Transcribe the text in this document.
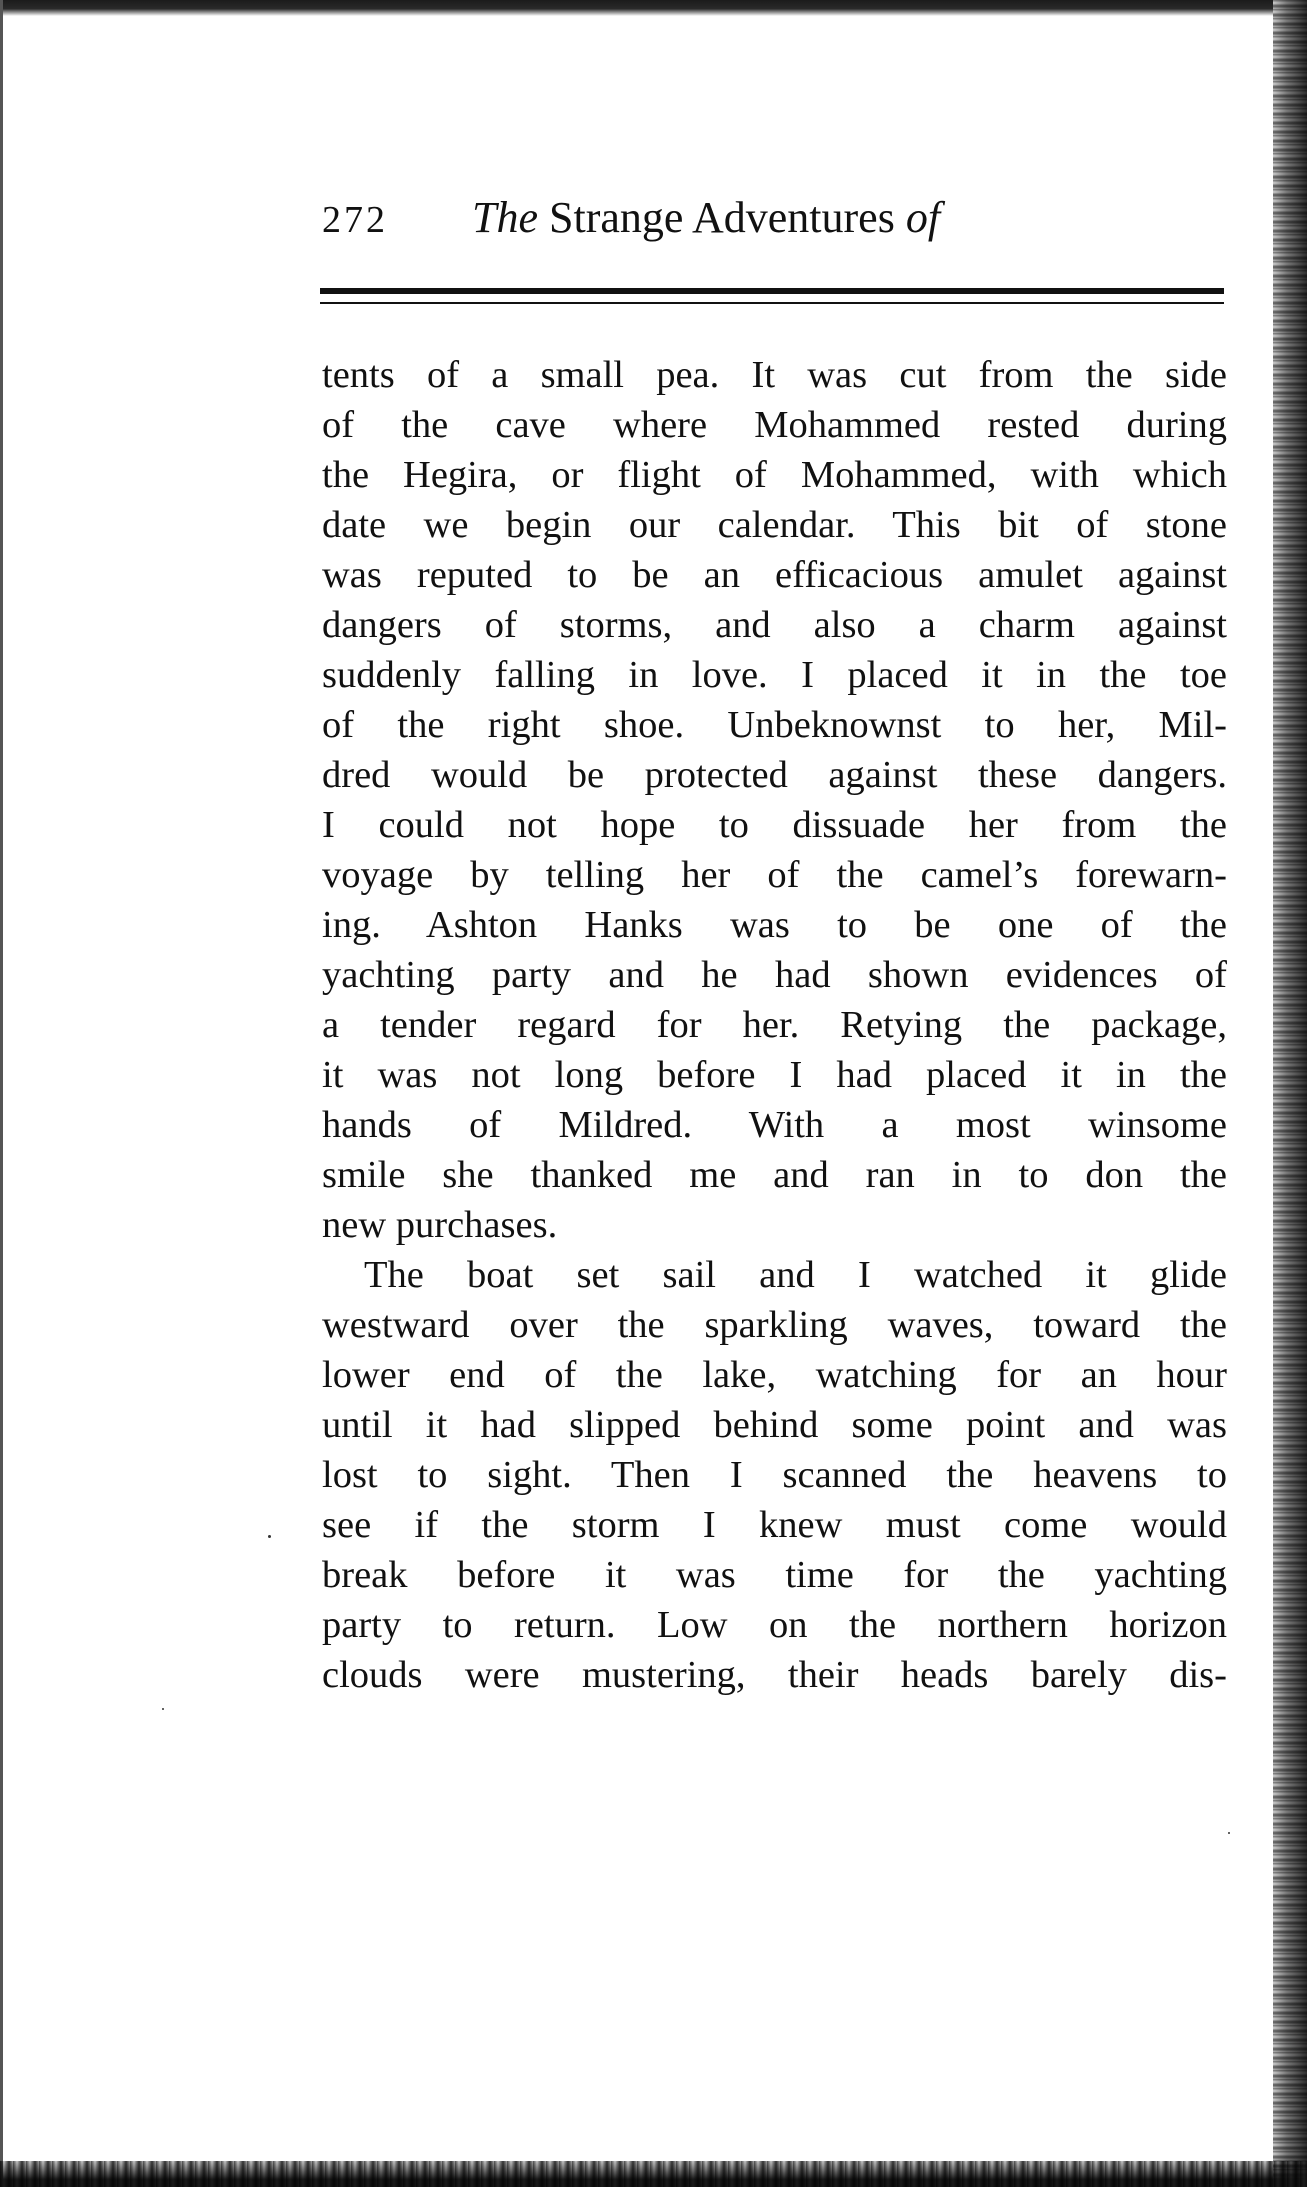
272 The Strange Adventures of
tents of a small pea. It was cut from the side
of the cave where Mohammed rested during
the Hegira, or flight of Mohammed, with which
date we begin our calendar. This bit of stone
was reputed to be an efficacious amulet against
dangers of storms, and also a charm against
suddenly falling in love. I placed it in the toe
of the right shoe. Unbeknownst to her, Mil-
dred would be protected against these dangers.
I could not hope to dissuade her from the
voyage by telling her of the camel’s forewarn-
ing. Ashton Hanks was to be one of the
yachting party and he had shown evidences of
a tender regard for her. Retying the package,
it was not long before I had placed it in the
hands of Mildred. With a most winsome
smile she thanked me and ran in to don the
new purchases.
The boat set sail and I watched it glide
westward over the sparkling waves, toward the
lower end of the lake, watching for an hour
until it had slipped behind some point and was
lost to sight. Then I scanned the heavens to
see if the storm I knew must come would
break before it was time for the yachting
party to return. Low on the northern horizon
clouds were mustering, their heads barely dis-
